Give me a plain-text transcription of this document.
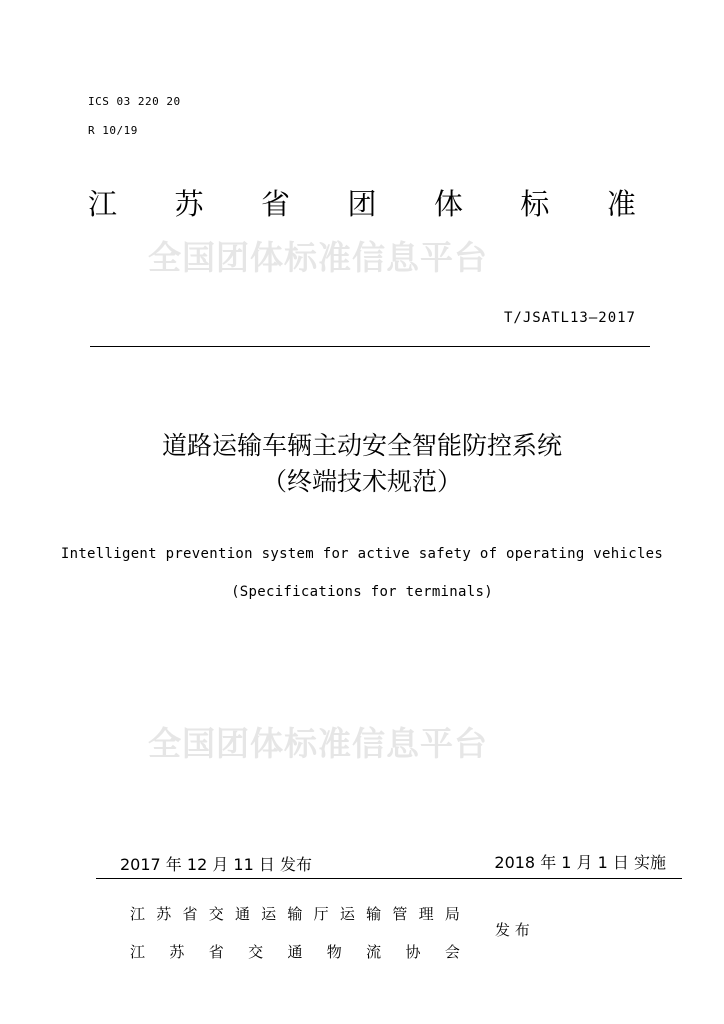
ICS 03 220 20
R 10/19
江 苏 省 团 体 标 准
全国团体标准信息平台
T/JSATL13—2017
道路运输车辆主动安全智能防控系统
（终端技术规范）
Intelligent prevention system for active safety of operating vehicles
(Specifications for terminals)
全国团体标准信息平台
2017 年 12 月 11 日 发布	2018 年 1 月 1 日 实施
江 苏 省 交 通 运 输 厅 运 输 管 理 局
江 苏 省 交 通 物 流 协 会
发 布
